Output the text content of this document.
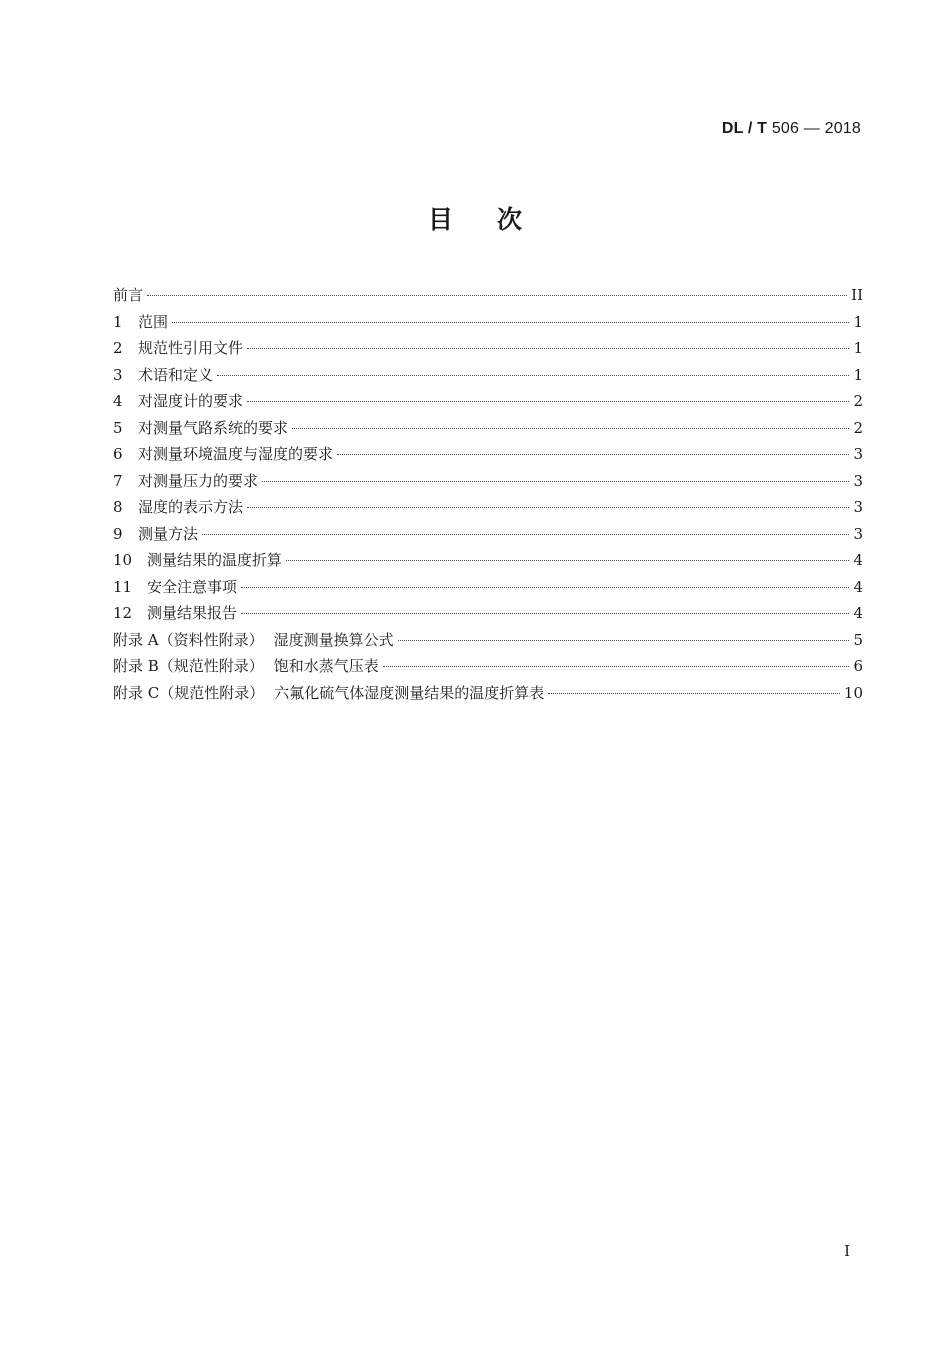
DL / T 506 — 2018
目次
前言	II
1	范围	1
2	规范性引用文件	1
3	术语和定义	1
4	对湿度计的要求	2
5	对测量气路系统的要求	2
6	对测量环境温度与湿度的要求	3
7	对测量压力的要求	3
8	湿度的表示方法	3
9	测量方法	3
10 测量结果的温度折算	4
11 安全注意事项	4
12 测量结果报告	4
附录 A（资料性附录） 湿度测量换算公式	5
附录 B（规范性附录） 饱和水蒸气压表	6
附录 C（规范性附录） 六氟化硫气体湿度测量结果的温度折算表	10
I
